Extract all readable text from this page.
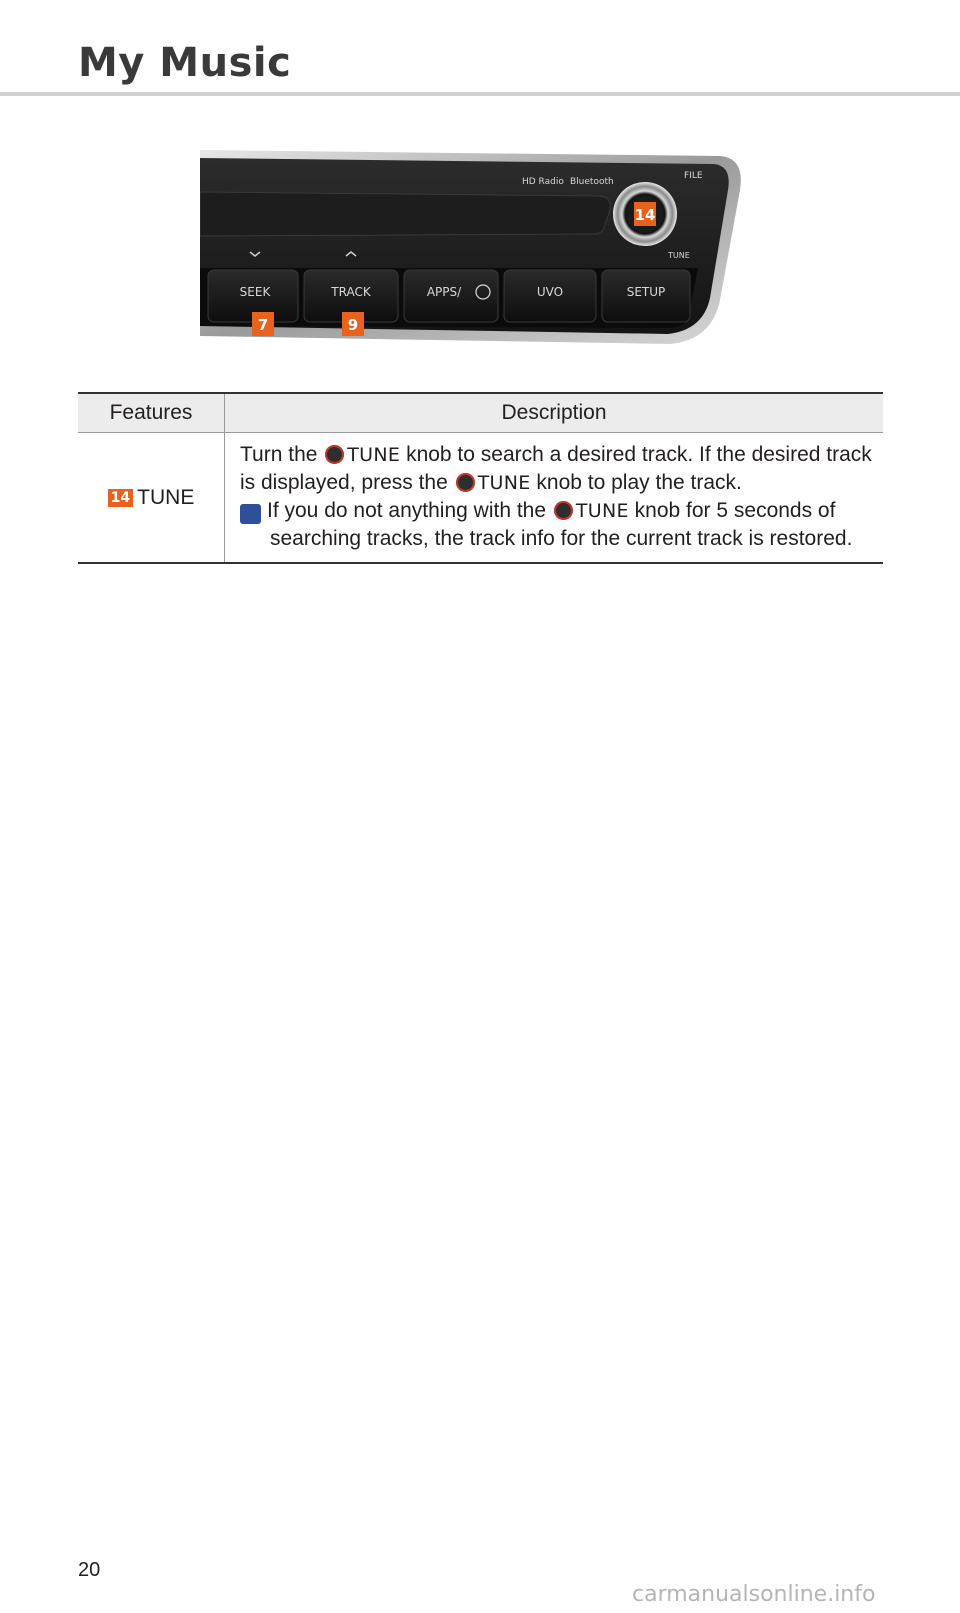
My Music
HD Radio Bluetooth
14
FILE
TUNE
SEEK	TRACK	APPS/	UVO	SETUP
7	9
Features	Description
14 TUNE	Turn the TUNE knob to search a desired track. If the desired track is displayed, press the TUNE knob to play the track.
i If you do not anything with the TUNE knob for 5 seconds of searching tracks, the track info for the current track is restored.
20
carmanualsonline.info
